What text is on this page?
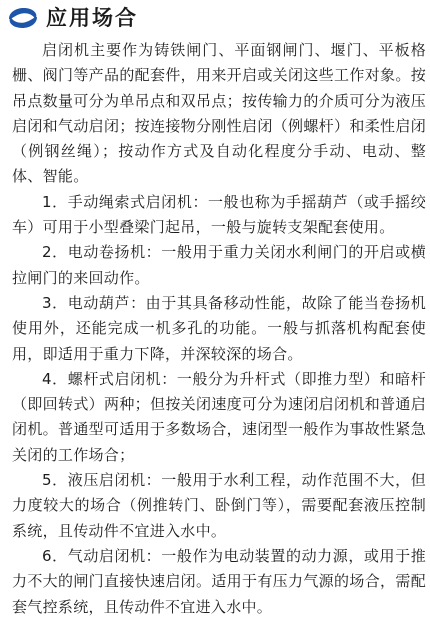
应用场合

启闭机主要作为铸铁闸门、平面钢闸门、堰门、平板格栅、阀门等产品的配套件，用来开启或关闭这些工作对象。按吊点数量可分为单吊点和双吊点；按传输力的介质可分为液压启闭和气动启闭；按连接物分刚性启闭（例螺杆）和柔性启闭（例钢丝绳）；按动作方式及自动化程度分手动、电动、整体、智能。

1．手动绳索式启闭机：一般也称为手摇葫芦（或手摇绞车）可用于小型叠梁门起吊，一般与旋转支架配套使用。

2．电动卷扬机：一般用于重力关闭水利闸门的开启或横拉闸门的来回动作。

3．电动葫芦：由于其具备移动性能，故除了能当卷扬机使用外，还能完成一机多孔的功能。一般与抓落机构配套使用，即适用于重力下降，并深较深的场合。

4．螺杆式启闭机：一般分为升杆式（即推力型）和暗杆（即回转式）两种；但按关闭速度可分为速闭启闭机和普通启闭机。普通型可适用于多数场合，速闭型一般作为事故性紧急关闭的工作场合；

5．液压启闭机：一般用于水利工程，动作范围不大，但力度较大的场合（例推转门、卧倒门等），需要配套液压控制系统，且传动件不宜进入水中。

6．气动启闭机：一般作为电动装置的动力源，或用于推力不大的闸门直接快速启闭。适用于有压力气源的场合，需配套气控系统，且传动件不宜进入水中。
